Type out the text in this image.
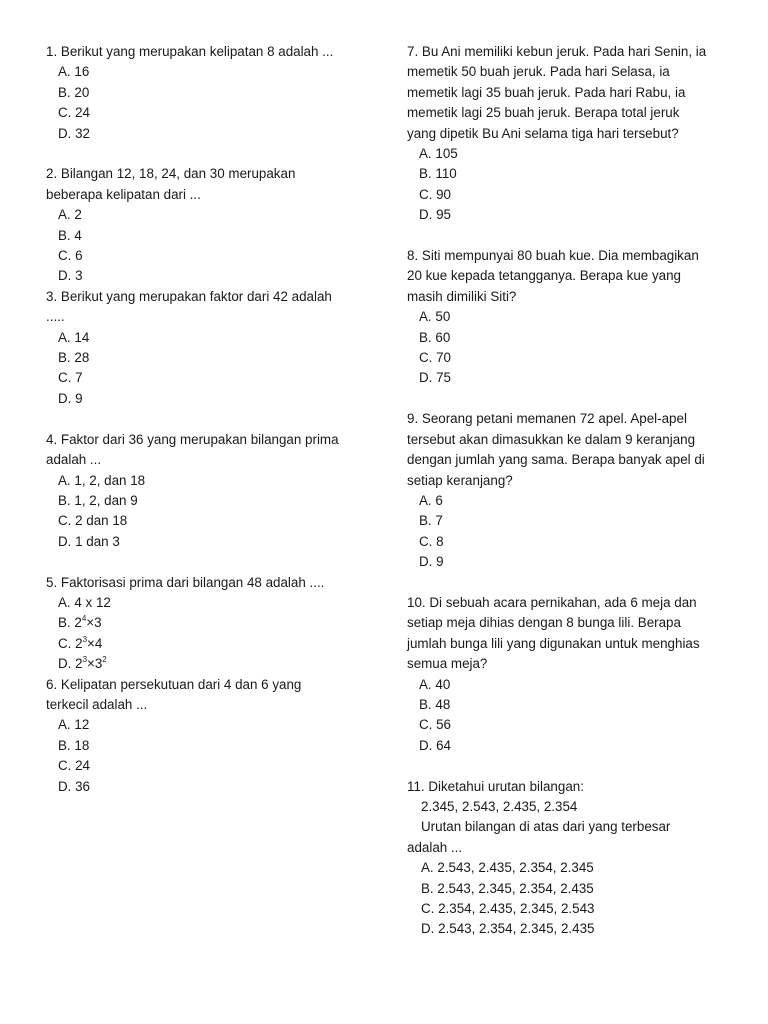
1. Berikut yang merupakan kelipatan 8 adalah ...
A. 16
B. 20
C. 24
D. 32
2. Bilangan 12, 18, 24, dan 30 merupakan
beberapa kelipatan dari ...
A. 2
B. 4
C. 6
D. 3
3. Berikut yang merupakan faktor dari 42 adalah
.....
A. 14
B. 28
C. 7
D. 9
4. Faktor dari 36 yang merupakan bilangan prima
adalah ...
A. 1, 2, dan 18
B. 1, 2, dan 9
C. 2 dan 18
D. 1 dan 3
5. Faktorisasi prima dari bilangan 48 adalah ....
A. 4 x 12
B. $2^4\times 3$
C. $2^3\times 4$
D. $2^3\times 3^2$
6. Kelipatan persekutuan dari 4 dan 6 yang
terkecil adalah ...
A. 12
B. 18
C. 24
D. 36
7. Bu Ani memiliki kebun jeruk. Pada hari Senin, ia
memetik 50 buah jeruk. Pada hari Selasa, ia
memetik lagi 35 buah jeruk. Pada hari Rabu, ia
memetik lagi 25 buah jeruk. Berapa total jeruk
yang dipetik Bu Ani selama tiga hari tersebut?
A. 105
B. 110
C. 90
D. 95
8. Siti mempunyai 80 buah kue. Dia membagikan
20 kue kepada tetangganya. Berapa kue yang
masih dimiliki Siti?
A. 50
B. 60
C. 70
D. 75
9. Seorang petani memanen 72 apel. Apel-apel
tersebut akan dimasukkan ke dalam 9 keranjang
dengan jumlah yang sama. Berapa banyak apel di
setiap keranjang?
A. 6
B. 7
C. 8
D. 9
10. Di sebuah acara pernikahan, ada 6 meja dan
setiap meja dihias dengan 8 bunga lili. Berapa
jumlah bunga lili yang digunakan untuk menghias
semua meja?
A. 40
B. 48
C. 56
D. 64
11. Diketahui urutan bilangan:
2.345, 2.543, 2.435, 2.354
Urutan bilangan di atas dari yang terbesar
adalah ...
A. 2.543, 2.435, 2.354, 2.345
B. 2.543, 2.345, 2.354, 2.435
C. 2.354, 2.435, 2.345, 2.543
D. 2.543, 2.354, 2.345, 2.435
